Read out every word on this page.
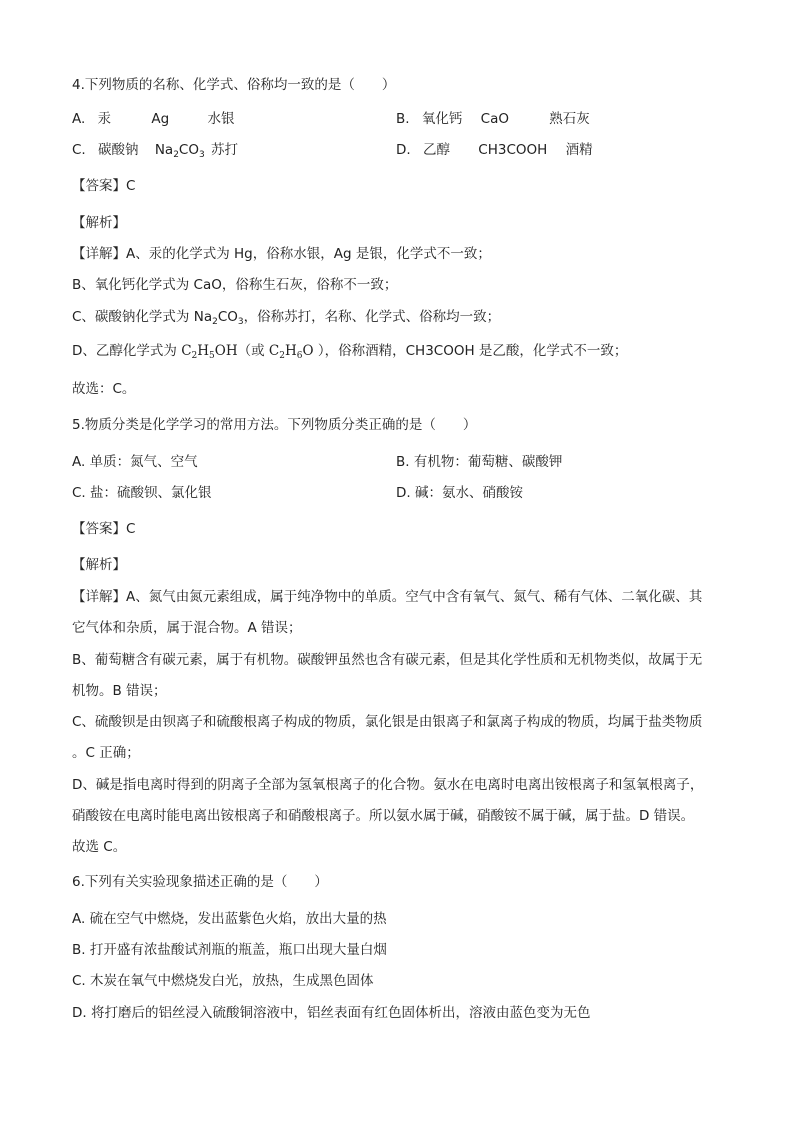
4.下列物质的名称、化学式、俗称均一致的是（　　）
A. 汞	Ag	水银	B. 氧化钙 CaO	熟石灰
C. 碳酸钠 $Na_2CO_3$ 苏打	D. 乙醇 CH3COOH 酒精
【答案】C
【解析】
【详解】A、汞的化学式为 Hg，俗称水银，Ag 是银，化学式不一致；
B、氧化钙化学式为 CaO，俗称生石灰，俗称不一致；
C、碳酸钠化学式为 $Na_2CO_3$，俗称苏打，名称、化学式、俗称均一致；
D、乙醇化学式为 $C_2H_5OH$（或 $C_2H_6O$ ），俗称酒精，CH3COOH 是乙酸，化学式不一致；
故选：C。
5.物质分类是化学学习的常用方法。下列物质分类正确的是（　　）
A. 单质：氮气、空气	B. 有机物：葡萄糖、碳酸钾
C. 盐：硫酸钡、氯化银	D. 碱：氨水、硝酸铵
【答案】C
【解析】
【详解】A、氮气由氮元素组成，属于纯净物中的单质。空气中含有氧气、氮气、稀有气体、二氧化碳、其
它气体和杂质，属于混合物。A 错误；
B、葡萄糖含有碳元素，属于有机物。碳酸钾虽然也含有碳元素，但是其化学性质和无机物类似，故属于无
机物。B 错误；
C、硫酸钡是由钡离子和硫酸根离子构成的物质，氯化银是由银离子和氯离子构成的物质，均属于盐类物质
。C 正确；
D、碱是指电离时得到的阴离子全部为氢氧根离子的化合物。氨水在电离时电离出铵根离子和氢氧根离子，
硝酸铵在电离时能电离出铵根离子和硝酸根离子。所以氨水属于碱，硝酸铵不属于碱，属于盐。D 错误。
故选 C。
6.下列有关实验现象描述正确的是（　　）
A. 硫在空气中燃烧，发出蓝紫色火焰，放出大量的热
B. 打开盛有浓盐酸试剂瓶的瓶盖，瓶口出现大量白烟
C. 木炭在氧气中燃烧发白光，放热，生成黑色固体
D. 将打磨后的铝丝浸入硫酸铜溶液中，铝丝表面有红色固体析出，溶液由蓝色变为无色
